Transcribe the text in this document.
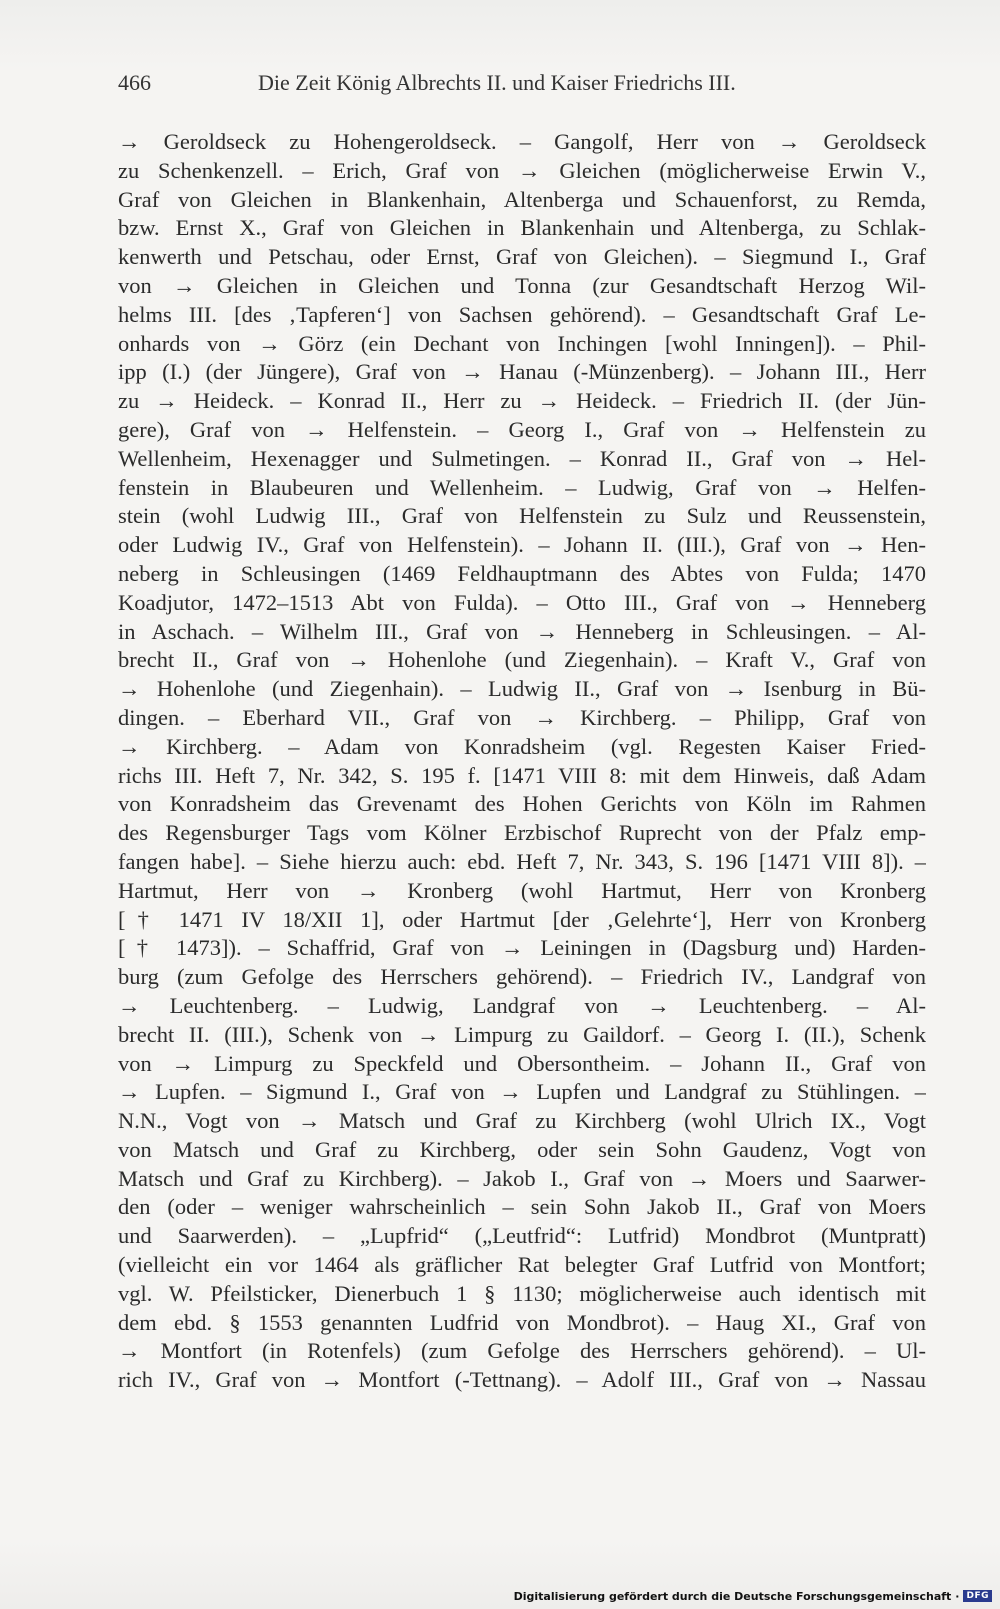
466	Die Zeit König Albrechts II. und Kaiser Friedrichs III.
→ Geroldseck zu Hohengeroldseck. – Gangolf, Herr von → Geroldseck
zu Schenkenzell. – Erich, Graf von → Gleichen (möglicherweise Erwin V.,
Graf von Gleichen in Blankenhain, Altenberga und Schauenforst, zu Remda,
bzw. Ernst X., Graf von Gleichen in Blankenhain und Altenberga, zu Schlak-
kenwerth und Petschau, oder Ernst, Graf von Gleichen). – Siegmund I., Graf
von → Gleichen in Gleichen und Tonna (zur Gesandtschaft Herzog Wil-
helms III. [des ‚Tapferen‘] von Sachsen gehörend). – Gesandtschaft Graf Le-
onhards von → Görz (ein Dechant von Inchingen [wohl Inningen]). – Phil-
ipp (I.) (der Jüngere), Graf von → Hanau (-Münzenberg). – Johann III., Herr
zu → Heideck. – Konrad II., Herr zu → Heideck. – Friedrich II. (der Jün-
gere), Graf von → Helfenstein. – Georg I., Graf von → Helfenstein zu
Wellenheim, Hexenagger und Sulmetingen. – Konrad II., Graf von → Hel-
fenstein in Blaubeuren und Wellenheim. – Ludwig, Graf von → Helfen-
stein (wohl Ludwig III., Graf von Helfenstein zu Sulz und Reussenstein,
oder Ludwig IV., Graf von Helfenstein). – Johann II. (III.), Graf von → Hen-
neberg in Schleusingen (1469 Feldhauptmann des Abtes von Fulda; 1470
Koadjutor, 1472–1513 Abt von Fulda). – Otto III., Graf von → Henneberg
in Aschach. – Wilhelm III., Graf von → Henneberg in Schleusingen. – Al-
brecht II., Graf von → Hohenlohe (und Ziegenhain). – Kraft V., Graf von
→ Hohenlohe (und Ziegenhain). – Ludwig II., Graf von → Isenburg in Bü-
dingen. – Eberhard VII., Graf von → Kirchberg. – Philipp, Graf von
→ Kirchberg. – Adam von Konradsheim (vgl. Regesten Kaiser Fried-
richs III. Heft 7, Nr. 342, S. 195 f. [1471 VIII 8: mit dem Hinweis, daß Adam
von Konradsheim das Grevenamt des Hohen Gerichts von Köln im Rahmen
des Regensburger Tags vom Kölner Erzbischof Ruprecht von der Pfalz emp-
fangen habe]. – Siehe hierzu auch: ebd. Heft 7, Nr. 343, S. 196 [1471 VIII 8]). –
Hartmut, Herr von → Kronberg (wohl Hartmut, Herr von Kronberg
[† 1471 IV 18/XII 1], oder Hartmut [der ‚Gelehrte‘], Herr von Kronberg
[† 1473]). – Schaffrid, Graf von → Leiningen in (Dagsburg und) Harden-
burg (zum Gefolge des Herrschers gehörend). – Friedrich IV., Landgraf von
→ Leuchtenberg. – Ludwig, Landgraf von → Leuchtenberg. – Al-
brecht II. (III.), Schenk von → Limpurg zu Gaildorf. – Georg I. (II.), Schenk
von → Limpurg zu Speckfeld und Obersontheim. – Johann II., Graf von
→ Lupfen. – Sigmund I., Graf von → Lupfen und Landgraf zu Stühlingen. –
N.N., Vogt von → Matsch und Graf zu Kirchberg (wohl Ulrich IX., Vogt
von Matsch und Graf zu Kirchberg, oder sein Sohn Gaudenz, Vogt von
Matsch und Graf zu Kirchberg). – Jakob I., Graf von → Moers und Saarwer-
den (oder – weniger wahrscheinlich – sein Sohn Jakob II., Graf von Moers
und Saarwerden). – „Lupfrid“ („Leutfrid“: Lutfrid) Mondbrot (Muntpratt)
(vielleicht ein vor 1464 als gräflicher Rat belegter Graf Lutfrid von Montfort;
vgl. W. Pfeilsticker, Dienerbuch 1 § 1130; möglicherweise auch identisch mit
dem ebd. § 1553 genannten Ludfrid von Mondbrot). – Haug XI., Graf von
→ Montfort (in Rotenfels) (zum Gefolge des Herrschers gehörend). – Ul-
rich IV., Graf von → Montfort (-Tettnang). – Adolf III., Graf von → Nassau
Digitalisierung gefördert durch die Deutsche Forschungsgemeinschaft · DFG
